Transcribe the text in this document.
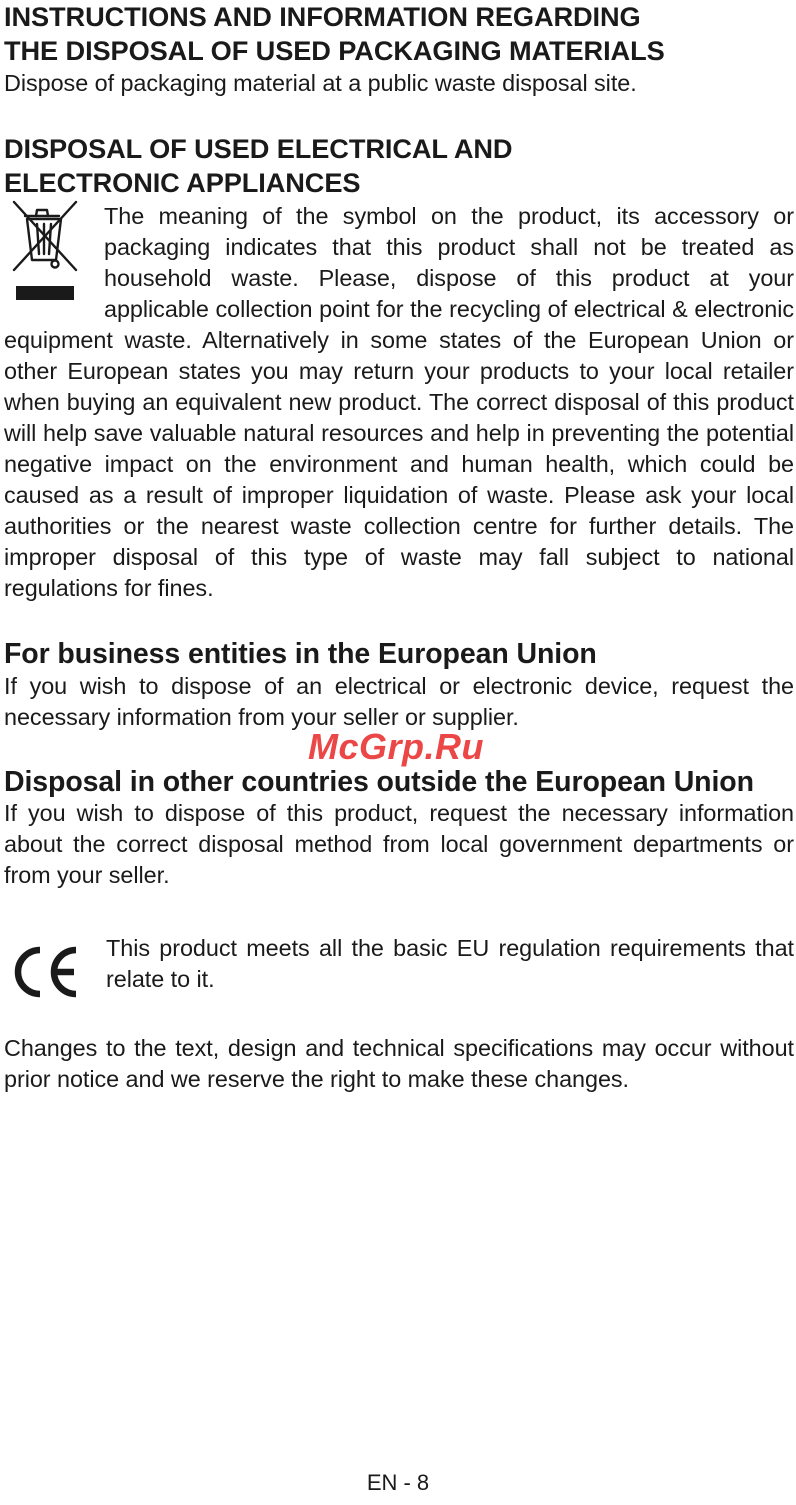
INSTRUCTIONS AND INFORMATION REGARDING
THE DISPOSAL OF USED PACKAGING MATERIALS

Dispose of packaging material at a public waste disposal site.

DISPOSAL OF USED ELECTRICAL AND
ELECTRONIC APPLIANCES

The meaning of the symbol on the product, its accessory or packaging indicates that this product shall not be treated as household waste. Please, dispose of this product at your applicable collection point for the recycling of electrical & electronic equipment waste. Alternatively in some states of the European Union or other European states you may return your products to your local retailer when buying an equivalent new product. The correct disposal of this product will help save valuable natural resources and help in preventing the potential negative impact on the environment and human health, which could be caused as a result of improper liquidation of waste. Please ask your local authorities or the nearest waste collection centre for further details. The improper disposal of this type of waste may fall subject to national regulations for fines.

For business entities in the European Union

If you wish to dispose of an electrical or electronic device, request the necessary information from your seller or supplier.

Disposal in other countries outside the European Union

If you wish to dispose of this product, request the necessary information about the correct disposal method from local government departments or from your seller.

This product meets all the basic EU regulation requirements that relate to it.

Changes to the text, design and technical specifications may occur without prior notice and we reserve the right to make these changes.

McGrp.Ru
EN - 8
